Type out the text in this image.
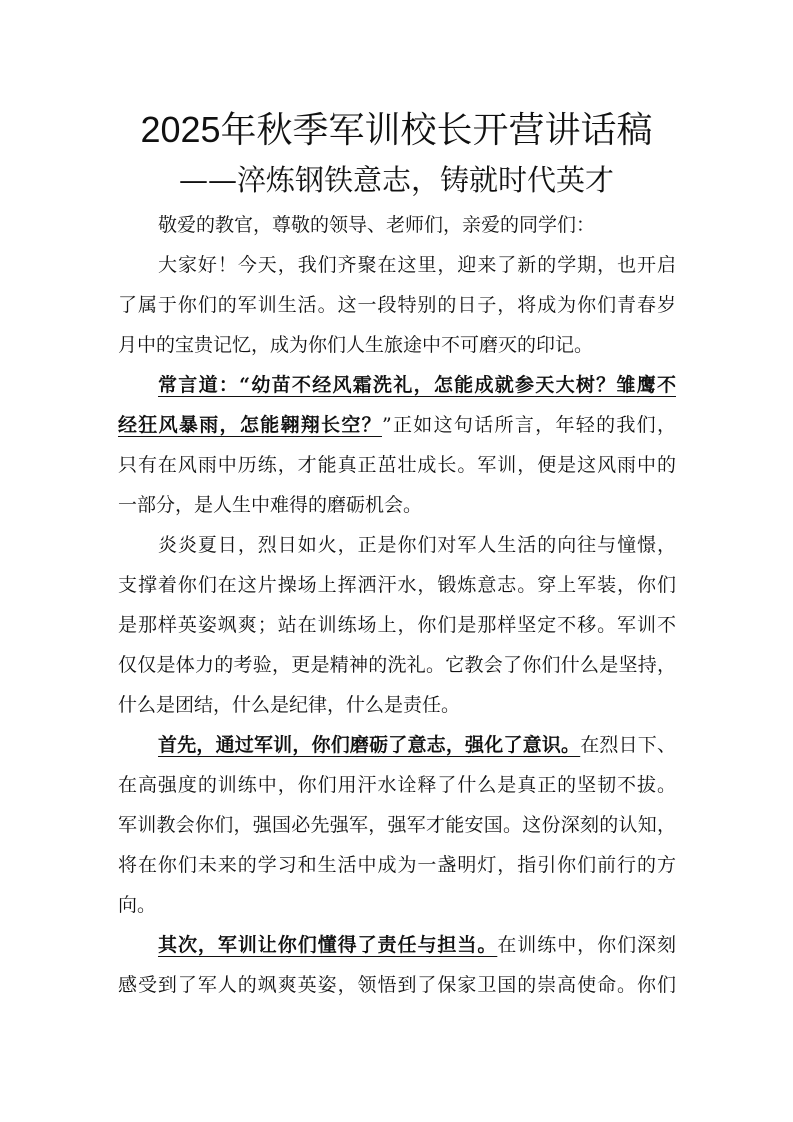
2025年秋季军训校长开营讲话稿
——淬炼钢铁意志，铸就时代英才
敬爱的教官，尊敬的领导、老师们，亲爱的同学们：
大家好！今天，我们齐聚在这里，迎来了新的学期，也开启
了属于你们的军训生活。这一段特别的日子，将成为你们青春岁
月中的宝贵记忆，成为你们人生旅途中不可磨灭的印记。
常言道：“幼苗不经风霜洗礼，怎能成就参天大树？雏鹰不
经狂风暴雨，怎能翱翔长空？”正如这句话所言，年轻的我们，
只有在风雨中历练，才能真正茁壮成长。军训，便是这风雨中的
一部分，是人生中难得的磨砺机会。
炎炎夏日，烈日如火，正是你们对军人生活的向往与憧憬，
支撑着你们在这片操场上挥洒汗水，锻炼意志。穿上军装，你们
是那样英姿飒爽；站在训练场上，你们是那样坚定不移。军训不
仅仅是体力的考验，更是精神的洗礼。它教会了你们什么是坚持，
什么是团结，什么是纪律，什么是责任。
首先，通过军训，你们磨砺了意志，强化了意识。在烈日下、
在高强度的训练中，你们用汗水诠释了什么是真正的坚韧不拔。
军训教会你们，强国必先强军，强军才能安国。这份深刻的认知，
将在你们未来的学习和生活中成为一盏明灯，指引你们前行的方
向。
其次，军训让你们懂得了责任与担当。在训练中，你们深刻
感受到了军人的飒爽英姿，领悟到了保家卫国的崇高使命。你们
